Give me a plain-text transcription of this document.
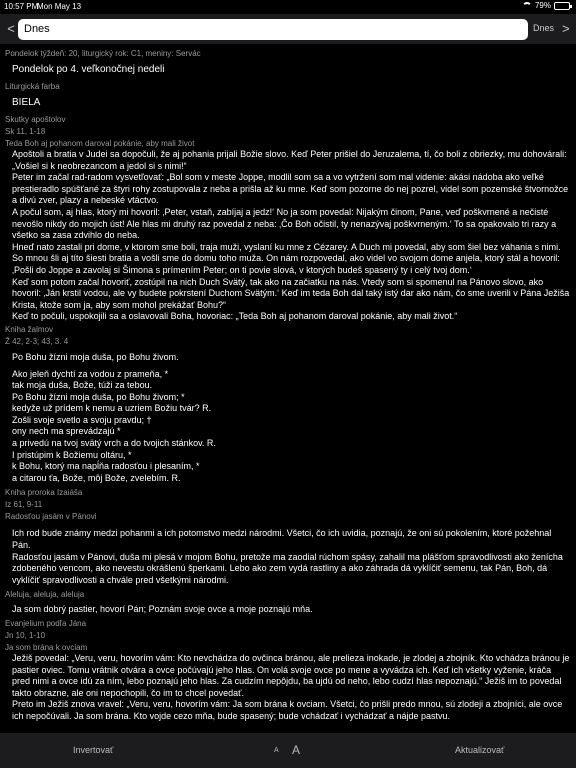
10:57 PM
Mon May 13	79%
< Dnes	Dnes >
Pondelok týždeň: 20, liturgický rok: C1, meniny: Servác
Pondelok po 4. veľkonočnej nedeli
Liturgická farba
BIELA
Skutky apoštolov
Sk 11, 1-18
Teda Boh aj pohanom daroval pokánie, aby mali život
Apoštoli a bratia v Judei sa dopočuli, že aj pohania prijali Božie slovo. Keď Peter prišiel do Jeruzalema, tí, čo boli z obriezky, mu dohovárali: „Vošiel si k neobrezancom a jedol si s nimi!“
Peter im začal rad-radom vysvetľovať: „Bol som v meste Joppe, modlil som sa a vo vytržení som mal videnie: akási nádoba ako veľké prestieradlo spúšťané za štyri rohy zostupovala z neba a prišla až ku mne. Keď som pozorne do nej pozrel, videl som pozemské štvornožce a divú zver, plazy a nebeské vtáctvo.
A počul som, aj hlas, ktorý mi hovoril: ‚Peter, vstaň, zabíjaj a jedz!‘ No ja som povedal: Nijakým činom, Pane, veď poškvrnené a nečisté nevošlo nikdy do mojich úst! Ale hlas mi druhý raz povedal z neba: ‚Čo Boh očistil, ty nenazývaj poškvrneným.‘ To sa opakovalo tri razy a všetko sa zasa zdvihlo do neba.
Hneď nato zastali pri dome, v ktorom sme boli, traja muži, vyslaní ku mne z Cézarey. A Duch mi povedal, aby som šiel bez váhania s nimi. So mnou šli aj títo šiesti bratia a vošli sme do domu toho muža. On nám rozpovedal, ako videl vo svojom dome anjela, ktorý stál a hovoril: ‚Pošli do Joppe a zavolaj si Šimona s prímením Peter; on ti povie slová, v ktorých budeš spasený ty i celý tvoj dom.‘
Keď som potom začal hovoriť, zostúpil na nich Duch Svätý, tak ako na začiatku na nás. Vtedy som si spomenul na Pánovo slovo, ako hovoril: ‚Ján krstil vodou, ale vy budete pokrstení Duchom Svätým.‘ Keď im teda Boh dal taký istý dar ako nám, čo sme uverili v Pána Ježiša Krista, ktože som ja, aby som mohol prekážať Bohu?“
Keď to počuli, uspokojili sa a oslavovali Boha, hovoriac: „Teda Boh aj pohanom daroval pokánie, aby mali život.“
Kniha žalmov
Ž 42, 2-3; 43, 3. 4
Po Bohu žízni moja duša, po Bohu živom.
Ako jeleň dychtí za vodou z prameňa, *
tak moja duša, Bože, túži za tebou.
Po Bohu žízni moja duša, po Bohu živom; *
kedyže už prídem k nemu a uzriem Božiu tvár? R.
Zošli svoje svetlo a svoju pravdu; †
ony nech ma sprevádzajú *
a privedú na tvoj svätý vrch a do tvojich stánkov. R.
I pristúpim k Božiemu oltáru, *
k Bohu, ktorý ma napĺňa radosťou i plesaním, *
a citarou ťa, Bože, môj Bože, zvelebím. R.
Kniha proroka Izaiáša
Iz 61, 9-11
Radosťou jasám v Pánovi
Ich rod bude známy medzi pohanmi a ich potomstvo medzi národmi. Všetci, čo ich uvidia, poznajú, že oni sú pokolením, ktoré požehnal Pán.
Radosťou jasám v Pánovi, duša mi plesá v mojom Bohu, pretože ma zaodial rúchom spásy, zahalil ma plášťom spravodlivosti ako ženícha zdobeného vencom, ako nevestu okrášlenú šperkami. Lebo ako zem vydá rastliny a ako záhrada dá vyklíčiť semenu, tak Pán, Boh, dá vyklíčiť spravodlivosti a chvále pred všetkými národmi.
Aleluja, aleluja, aleluja
Ja som dobrý pastier, hovorí Pán; Poznám svoje ovce a moje poznajú mňa.
Evanjelium podľa Jána
Jn 10, 1-10
Ja som brána k ovciam
Ježiš povedal: „Veru, veru, hovorím vám: Kto nevchádza do ovčinca bránou, ale prelieza inokade, je zlodej a zbojník. Kto vchádza bránou je pastier oviec. Tomu vrátnik otvára a ovce počúvajú jeho hlas. On volá svoje ovce po mene a vyvádza ich. Keď ich všetky vyženie, kráča pred nimi a ovce idú za ním, lebo poznajú jeho hlas. Za cudzím nepôjdu, ba ujdú od neho, lebo cudzí hlas nepoznajú.“ Ježiš im to povedal takto obrazne, ale oni nepochopili, čo im to chcel povedať.
Preto im Ježiš znova vravel: „Veru, veru, hovorím vám: Ja som brána k ovciam. Všetci, čo prišli predo mnou, sú zlodeji a zbojníci, ale ovce ich nepočúvali. Ja som brána. Kto vojde cezo mňa, bude spasený; bude vchádzať i vychádzať a nájde pastvu.
Invertovať	A A	Aktualizovať
